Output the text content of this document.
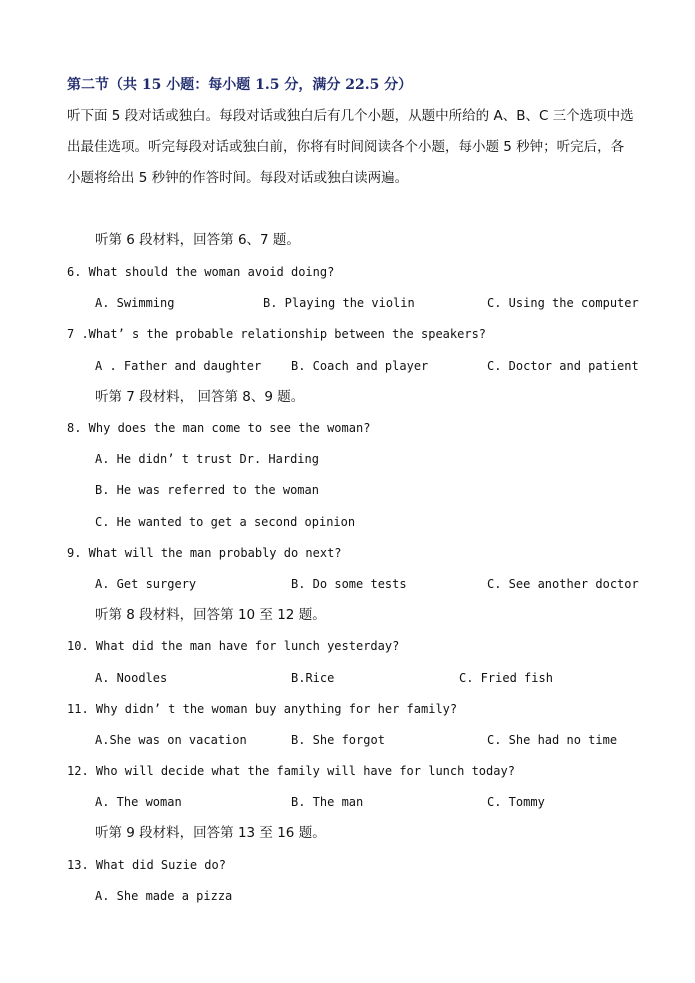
第二节（共 15 小题：每小题 1.5 分，满分 22.5 分）

听下面 5 段对话或独白。每段对话或独白后有几个小题，从题中所给的 A、B、C 三个选项中选出最佳选项。听完每段对话或独白前，你将有时间阅读各个小题，每小题 5 秒钟；听完后，各小题将给出 5 秒钟的作答时间。每段对话或独白读两遍。

听第 6 段材料，回答第 6、7 题。
6. What should the woman avoid doing?
A. Swimming	B. Playing the violin	C. Using the computer
7 .What’ s the probable relationship between the speakers?
A . Father and daughter B. Coach and player	C. Doctor and patient
听第 7 段材料， 回答第 8、9 题。
8. Why does the man come to see the woman?
A. He didn’ t trust Dr. Harding
B. He was referred to the woman
C. He wanted to get a second opinion
9. What will the man probably do next?
A. Get surgery	B. Do some tests	C. See another doctor
听第 8 段材料，回答第 10 至 12 题。
10. What did the man have for lunch yesterday?
A. Noodles	B.Rice	C. Fried fish
11. Why didn’ t the woman buy anything for her family?
A.She was on vacation	B. She forgot	C. She had no time
12. Who will decide what the family will have for lunch today?
A. The woman	B. The man	C. Tommy
听第 9 段材料，回答第 13 至 16 题。
13. What did Suzie do?
A. She made a pizza
